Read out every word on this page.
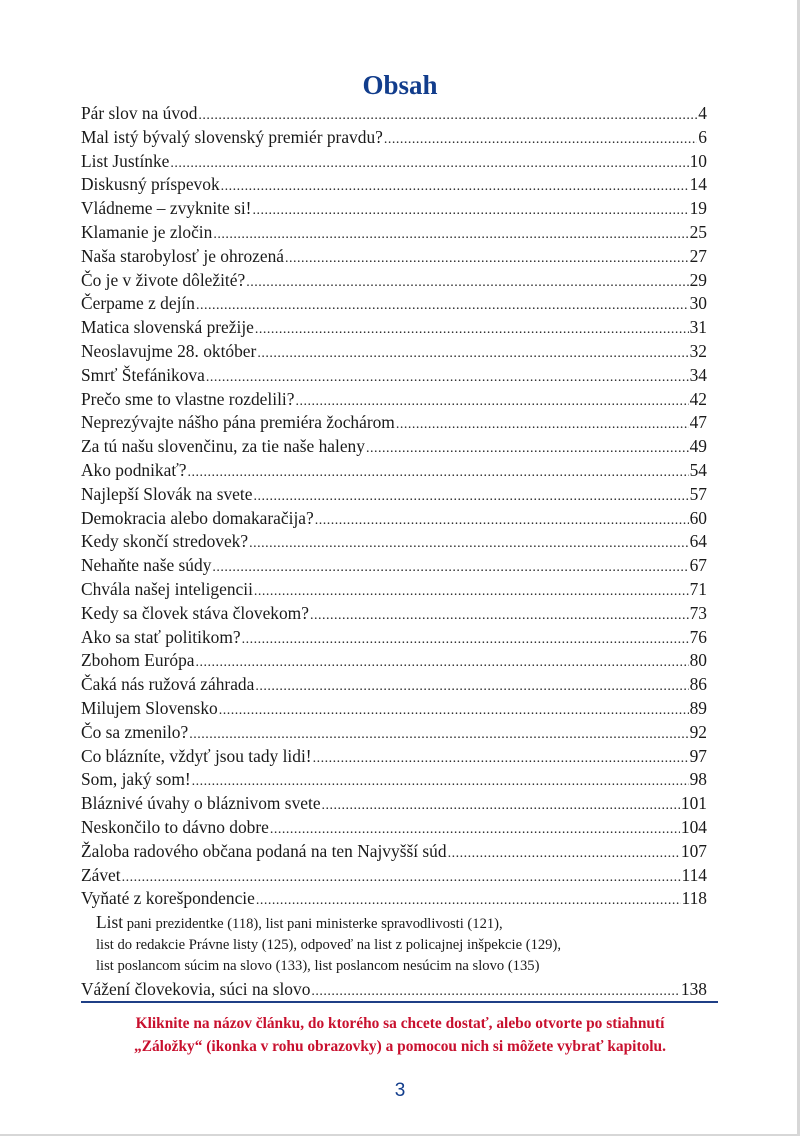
Obsah
Pár slov na úvod .....	4
Mal istý bývalý slovenský premiér pravdu? .....	6
List Justínke .....	10
Diskusný príspevok .....	14
Vládneme – zvyknite si! .....	19
Klamanie je zločin .....	25
Naša starobylosť je ohrozená .....	27
Čo je v živote dôležité? .....	29
Čerpame z dejín .....	30
Matica slovenská prežije .....	31
Neoslavujme 28. október .....	32
Smrť Štefánikova .....	34
Prečo sme to vlastne rozdelili? .....	42
Neprezývajte nášho pána premiéra žochárom .....	47
Za tú našu slovenčinu, za tie naše haleny .....	49
Ako podnikať? .....	54
Najlepší Slovák na svete .....	57
Demokracia alebo domakaračija? .....	60
Kedy skončí stredovek? .....	64
Nehaňte naše súdy .....	67
Chvála našej inteligencii .....	71
Kedy sa človek stáva človekom? .....	73
Ako sa stať politikom? .....	76
Zbohom Európa .....	80
Čaká nás ružová záhrada .....	86
Milujem Slovensko .....	89
Čo sa zmenilo? .....	92
Co blázníte, vždyť jsou tady lidi! .....	97
Som, jaký som! .....	98
Bláznivé úvahy o bláznivom svete .....	101
Neskončilo to dávno dobre .....	104
Žaloba radového občana podaná na ten Najvyšší súd .....	107
Závet .....	114
Vyňaté z korešpondencie .....	118
List pani prezidentke (118), list pani ministerke spravodlivosti (121),
list do redakcie Právne listy (125), odpoveď na list z policajnej inšpekcie (129),
list poslancom súcim na slovo (133), list poslancom nesúcim na slovo (135)
Vážení človekovia, súci na slovo .....	138
Kliknite na názov článku, do ktorého sa chcete dostať, alebo otvorte po stiahnutí
„Záložky“ (ikonka v rohu obrazovky) a pomocou nich si môžete vybrať kapitolu.
3
